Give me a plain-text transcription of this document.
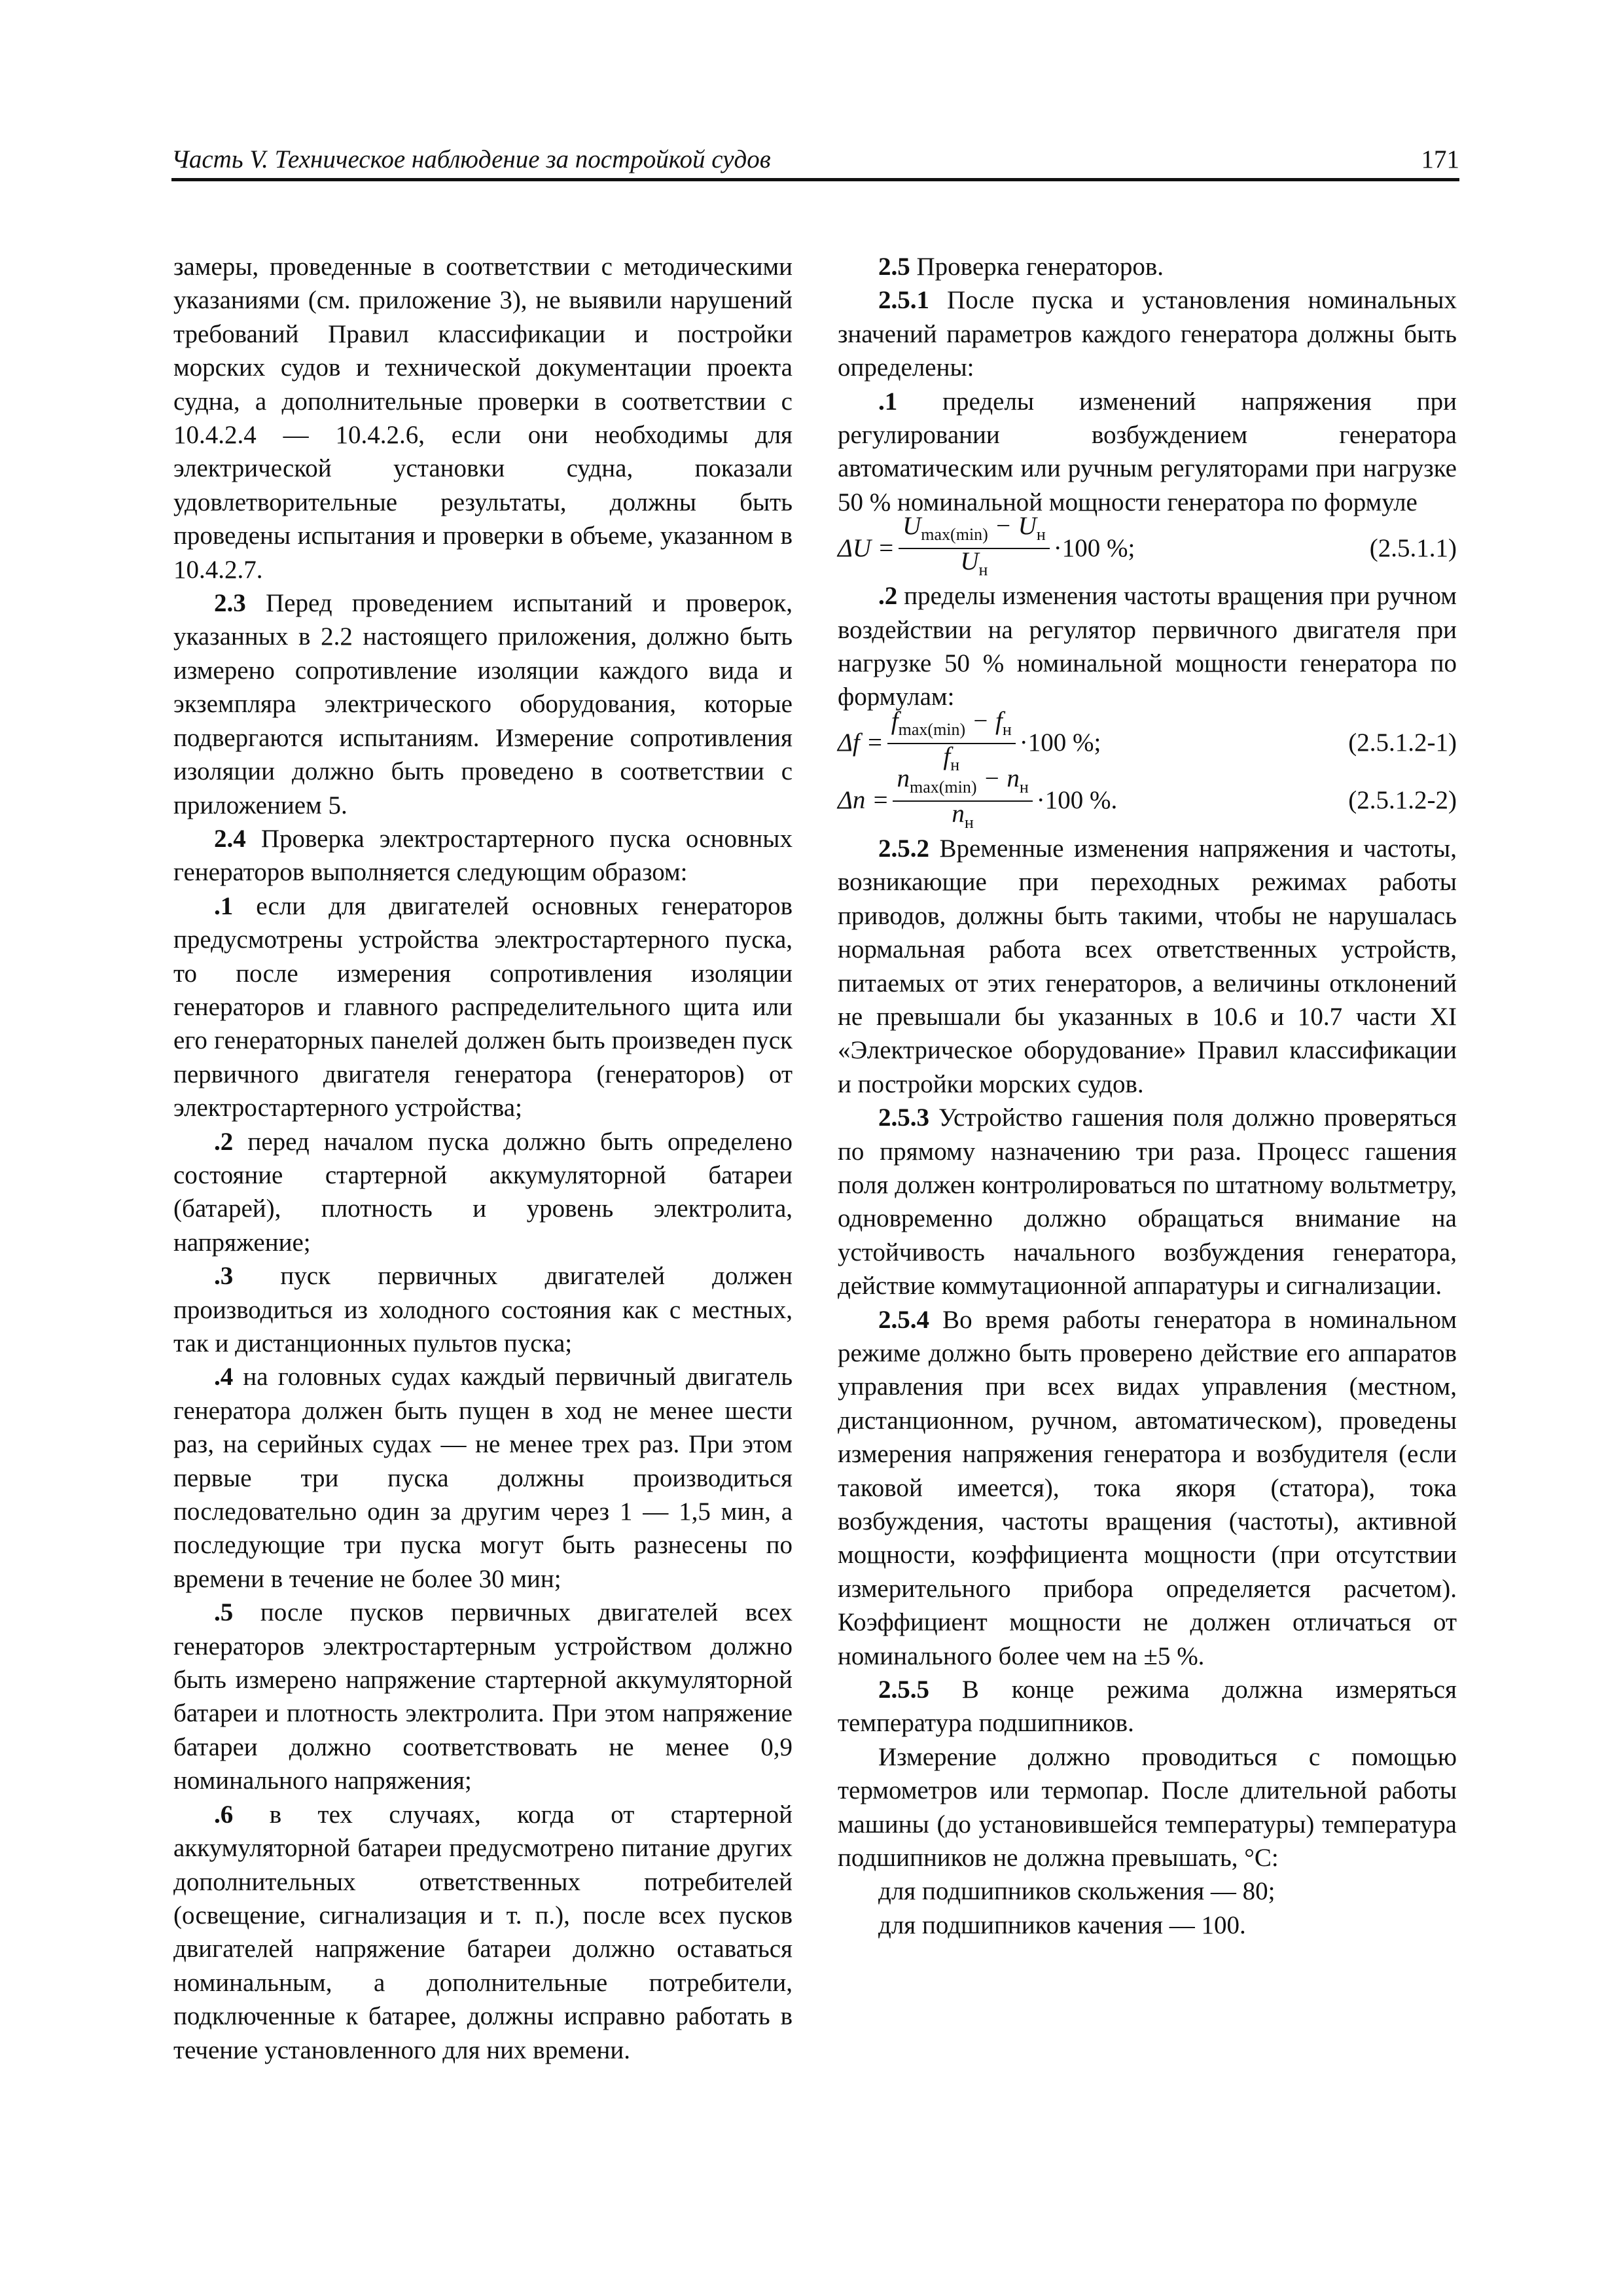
Часть V. Техническое наблюдение за постройкой судов	171

замеры, проведенные в соответствии с методическими указаниями (см. приложение 3), не выявили нарушений требований Правил классификации и постройки морских судов и технической документации проекта судна, а дополнительные проверки в соответствии с 10.4.2.4 — 10.4.2.6, если они необходимы для электрической установки судна, показали удовлетворительные результаты, должны быть проведены испытания и проверки в объеме, указанном в 10.4.2.7.

2.3 Перед проведением испытаний и проверок, указанных в 2.2 настоящего приложения, должно быть измерено сопротивление изоляции каждого вида и экземпляра электрического оборудования, которые подвергаются испытаниям. Измерение сопротивления изоляции должно быть проведено в соответствии с приложением 5.

2.4 Проверка электростартерного пуска основных генераторов выполняется следующим образом:

.1 если для двигателей основных генераторов предусмотрены устройства электростартерного пуска, то после измерения сопротивления изоляции генераторов и главного распределительного щита или его генераторных панелей должен быть произведен пуск первичного двигателя генератора (генераторов) от электростартерного устройства;

.2 перед началом пуска должно быть определено состояние стартерной аккумуляторной батареи (батарей), плотность и уровень электролита, напряжение;

.3 пуск первичных двигателей должен производиться из холодного состояния как с местных, так и дистанционных пультов пуска;

.4 на головных судах каждый первичный двигатель генератора должен быть пущен в ход не менее шести раз, на серийных судах — не менее трех раз. При этом первые три пуска должны производиться последовательно один за другим через 1 — 1,5 мин, а последующие три пуска могут быть разнесены по времени в течение не более 30 мин;

.5 после пусков первичных двигателей всех генераторов электростартерным устройством должно быть измерено напряжение стартерной аккумуляторной батареи и плотность электролита. При этом напряжение батареи должно соответствовать не менее 0,9 номинального напряжения;

.6 в тех случаях, когда от стартерной аккумуляторной батареи предусмотрено питание других дополнительных ответственных потребителей (освещение, сигнализация и т. п.), после всех пусков двигателей напряжение батареи должно оставаться номинальным, а дополнительные потребители, подключенные к батарее, должны исправно работать в течение установленного для них времени.

2.5 Проверка генераторов.

2.5.1 После пуска и установления номинальных значений параметров каждого генератора должны быть определены:

.1 пределы изменений напряжения при регулировании возбуждением генератора автоматическим или ручным регуляторами при нагрузке 50 % номинальной мощности генератора по формуле

$\Delta U = \frac{U_{max(min)} - U_н}{U_н} \cdot 100$ %;	(2.5.1.1)

.2 пределы изменения частоты вращения при ручном воздействии на регулятор первичного двигателя при нагрузке 50 % номинальной мощности генератора по формулам:

$\Delta f = \frac{f_{max(min)} - f_н}{f_н} \cdot 100$ %;	(2.5.1.2-1)
$\Delta n = \frac{n_{max(min)} - n_н}{n_н} \cdot 100$ %.	(2.5.1.2-2)

2.5.2 Временные изменения напряжения и частоты, возникающие при переходных режимах работы приводов, должны быть такими, чтобы не нарушалась нормальная работа всех ответственных устройств, питаемых от этих генераторов, а величины отклонений не превышали бы указанных в 10.6 и 10.7 части XI «Электрическое оборудование» Правил классификации и постройки морских судов.

2.5.3 Устройство гашения поля должно проверяться по прямому назначению три раза. Процесс гашения поля должен контролироваться по штатному вольтметру, одновременно должно обращаться внимание на устойчивость начального возбуждения генератора, действие коммутационной аппаратуры и сигнализации.

2.5.4 Во время работы генератора в номинальном режиме должно быть проверено действие его аппаратов управления при всех видах управления (местном, дистанционном, ручном, автоматическом), проведены измерения напряжения генератора и возбудителя (если таковой имеется), тока якоря (статора), тока возбуждения, частоты вращения (частоты), активной мощности, коэффициента мощности (при отсутствии измерительного прибора определяется расчетом). Коэффициент мощности не должен отличаться от номинального более чем на ±5 %.

2.5.5 В конце режима должна измеряться температура подшипников.

Измерение должно проводиться с помощью термометров или термопар. После длительной работы машины (до установившейся температуры) температура подшипников не должна превышать, °С:

для подшипников скольжения — 80;

для подшипников качения — 100.
